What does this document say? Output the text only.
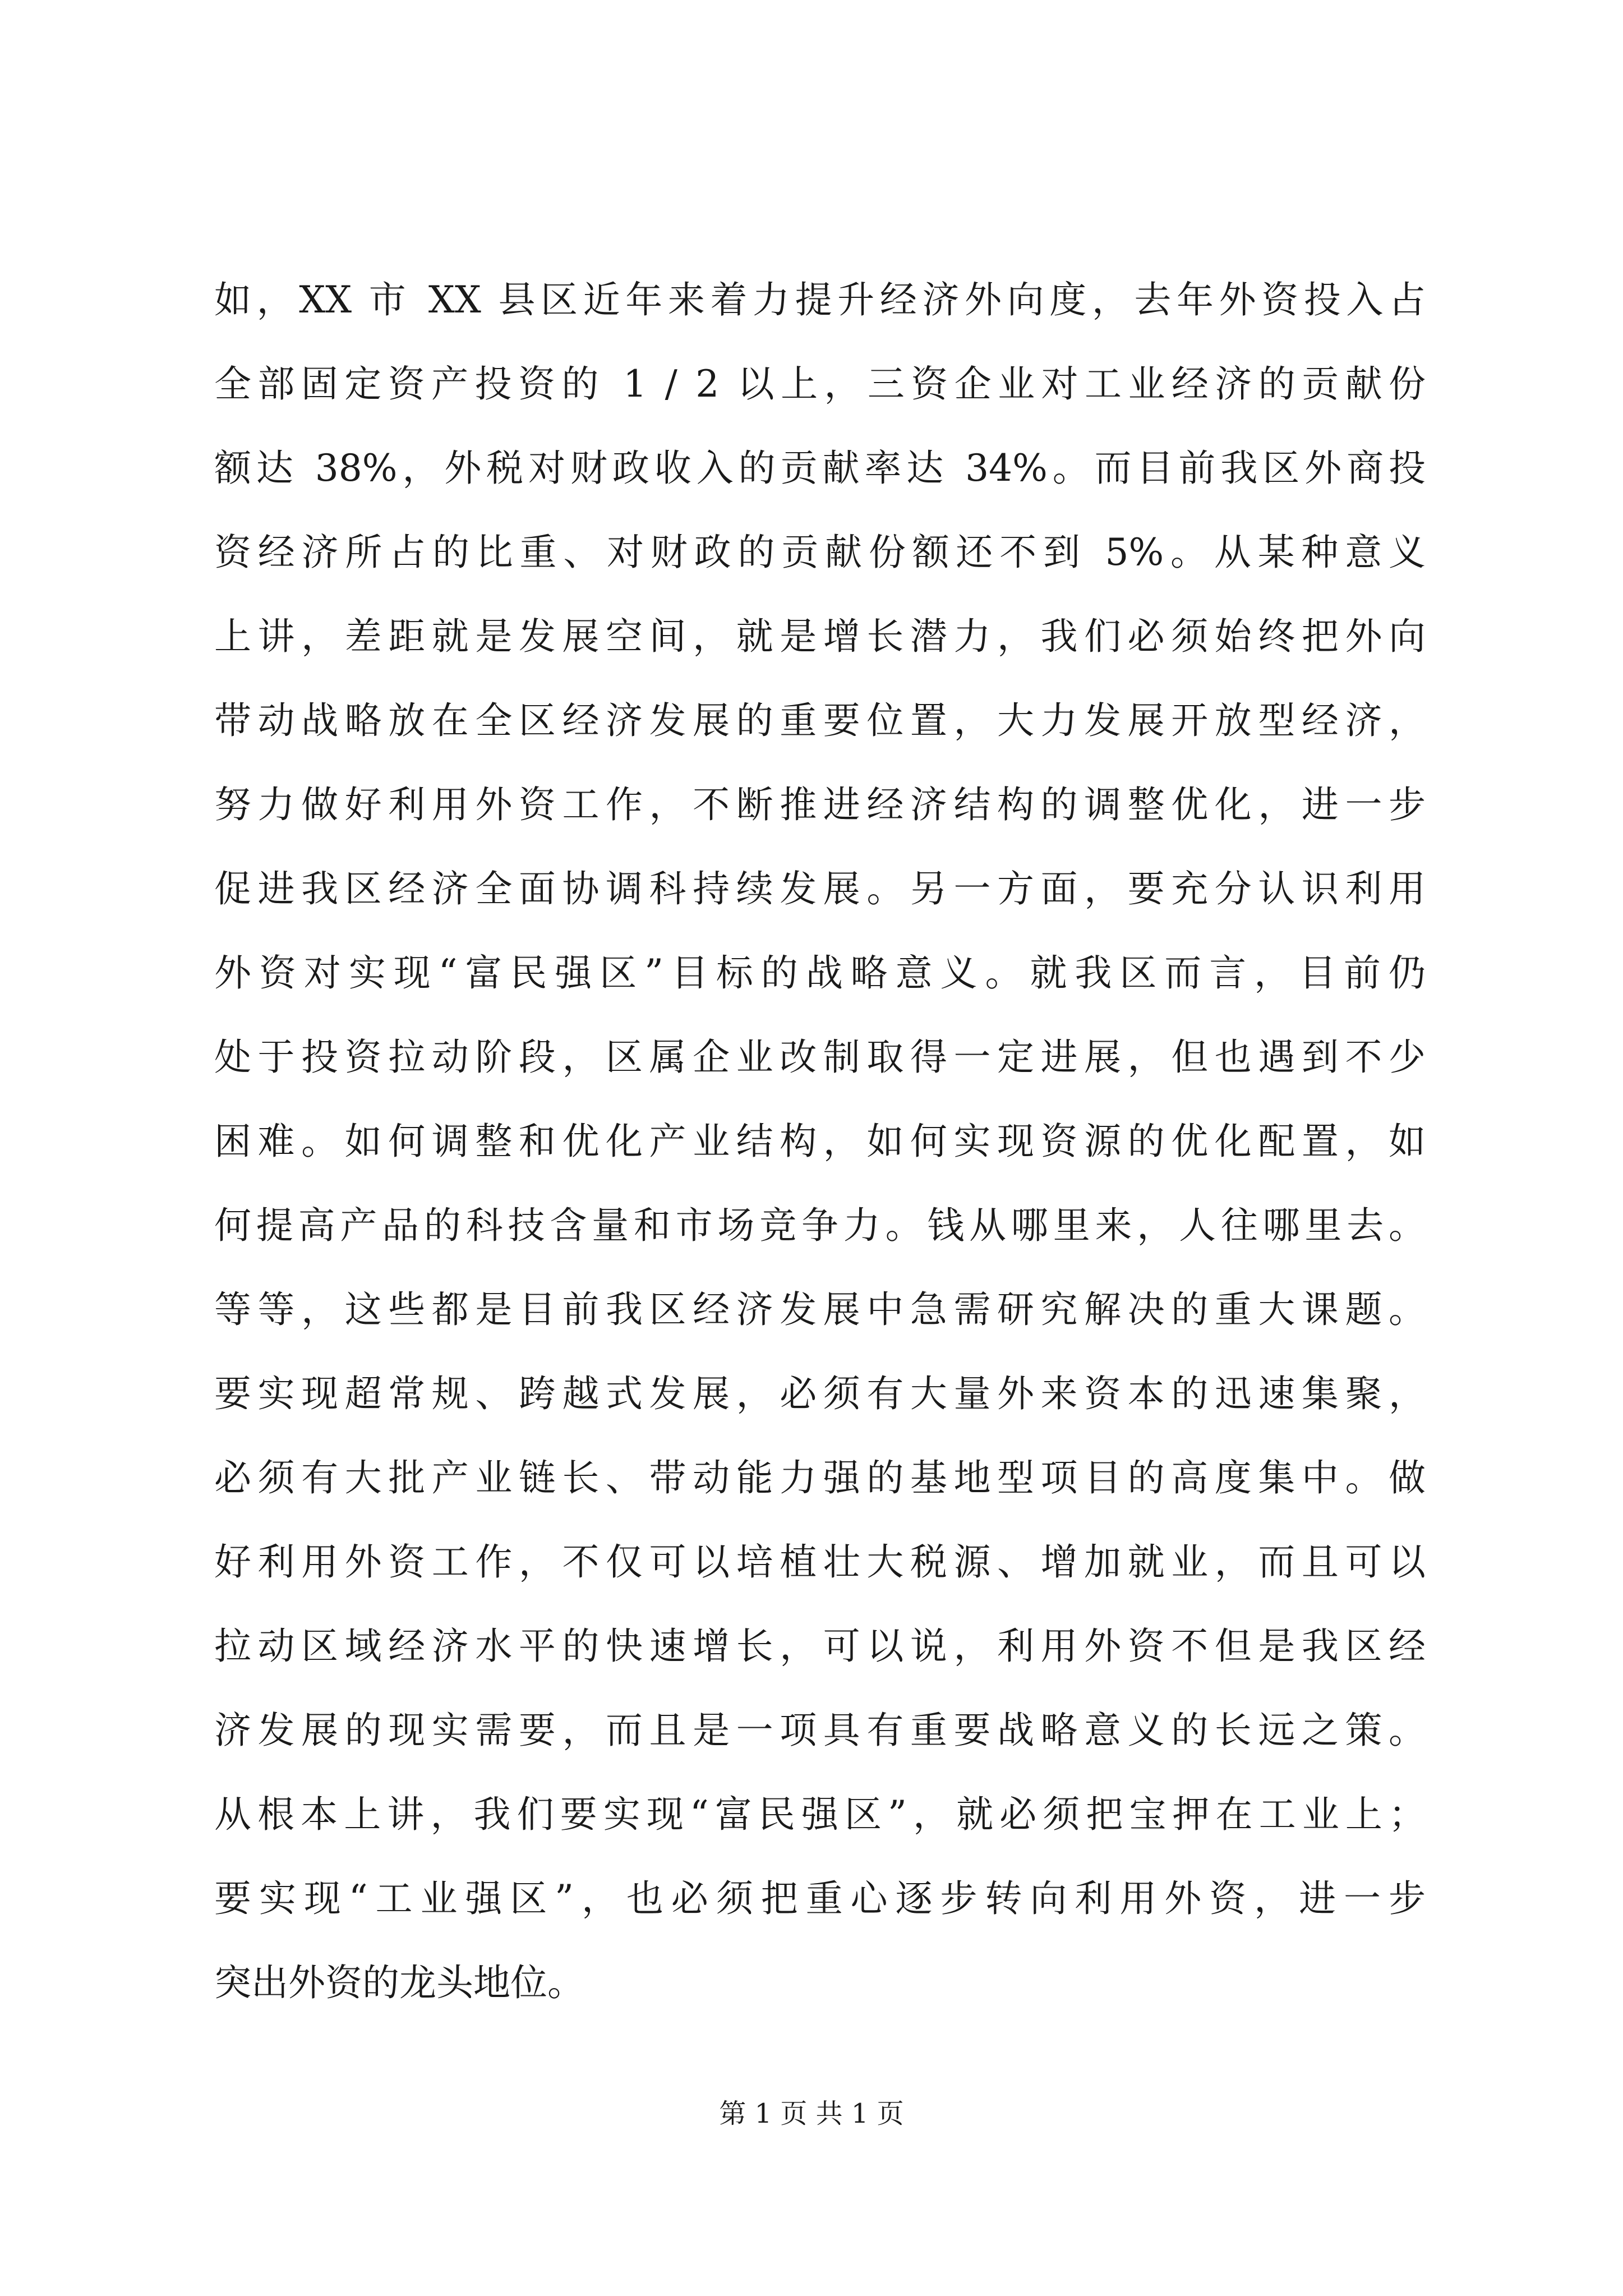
如，XX 市 XX 县区近年来着力提升经济外向度，去年外资投入占
全部固定资产投资的 1 / 2 以上，三资企业对工业经济的贡献份
额达 38%，外税对财政收入的贡献率达 34%。而目前我区外商投
资经济所占的比重、对财政的贡献份额还不到 5%。从某种意义
上讲，差距就是发展空间，就是增长潜力，我们必须始终把外向
带动战略放在全区经济发展的重要位置，大力发展开放型经济，
努力做好利用外资工作，不断推进经济结构的调整优化，进一步
促进我区经济全面协调科持续发展。另一方面，要充分认识利用
外资对实现“富民强区”目标的战略意义。就我区而言，目前仍
处于投资拉动阶段，区属企业改制取得一定进展，但也遇到不少
困难。如何调整和优化产业结构，如何实现资源的优化配置，如
何提高产品的科技含量和市场竞争力。钱从哪里来，人往哪里去。
等等，这些都是目前我区经济发展中急需研究解决的重大课题。
要实现超常规、跨越式发展，必须有大量外来资本的迅速集聚，
必须有大批产业链长、带动能力强的基地型项目的高度集中。做
好利用外资工作，不仅可以培植壮大税源、增加就业，而且可以
拉动区域经济水平的快速增长，可以说，利用外资不但是我区经
济发展的现实需要，而且是一项具有重要战略意义的长远之策。
从根本上讲，我们要实现“富民强区”，就必须把宝押在工业上；
要实现“工业强区”，也必须把重心逐步转向利用外资，进一步
突出外资的龙头地位。
第 1 页 共 1 页
